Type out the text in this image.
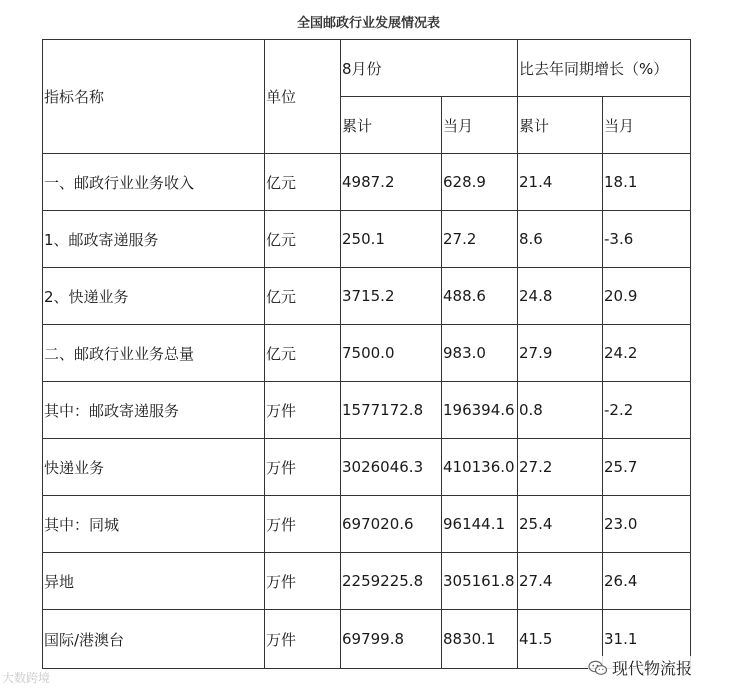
全国邮政行业发展情况表
指标名称	单位	8月份		比去年同期增长（%）	
		累计	当月	累计	当月
一、邮政行业业务收入	亿元	4987.2	628.9	21.4	18.1
1、邮政寄递服务	亿元	250.1	27.2	8.6	-3.6
2、快递业务	亿元	3715.2	488.6	24.8	20.9
二、邮政行业业务总量	亿元	7500.0	983.0	27.9	24.2
其中：邮政寄递服务	万件	1577172.8	196394.6	0.8	-2.2
快递业务	万件	3026046.3	410136.0	27.2	25.7
其中：同城	万件	697020.6	96144.1	25.4	23.0
异地	万件	2259225.8	305161.8	27.4	26.4
国际/港澳台	万件	69799.8	8830.1	41.5	31.1
大数跨境	现代物流报
